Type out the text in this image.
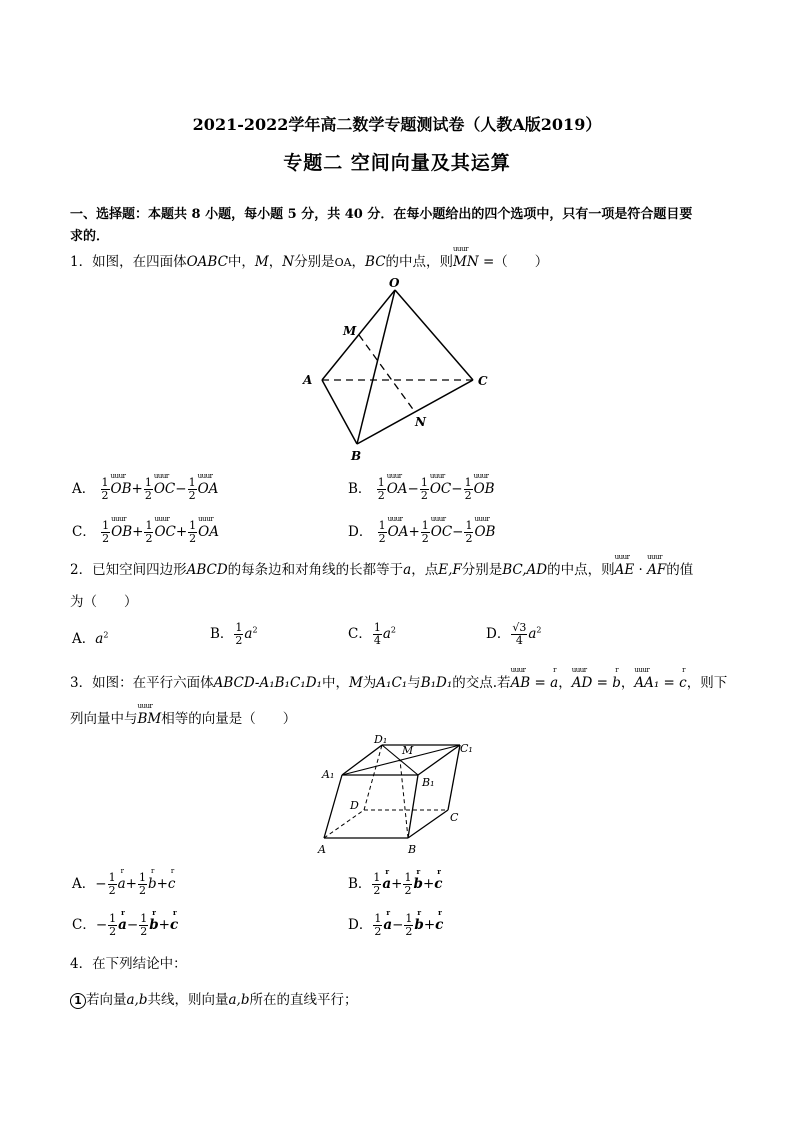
2021-2022学年高二数学专题测试卷（人教A版2019）
专题二 空间向量及其运算
一、选择题：本题共 8 小题，每小题 5 分，共 40 分．在每小题给出的四个选项中，只有一项是符合题目要
求的．
1．如图，在四面体OABC中，M，N分别是OA，BC的中点，则uuur MN =（　　）
O
M
A	C
N
B
A． $\frac{1}{2}$ uuur $OB+ \frac{1}{2}$ uuur $OC- \frac{1}{2}$ uuur OA	B． $\frac{1}{2}$ uuur $OA- \frac{1}{2}$ uuur $OC- \frac{1}{2}$ uuur OB
C． $\frac{1}{2}$ uuur $OB+ \frac{1}{2}$ uuur $OC+ \frac{1}{2}$ uuur OA	D． $\frac{1}{2}$ uuur $OA+ \frac{1}{2}$ uuur $OC- \frac{1}{2}$ uuur OB
2．已知空间四边形ABCD的每条边和对角线的长都等于a，点E,F分别是BC,AD的中点，则uuur AE · uuur AF的值
为（　　）
A．$a^2$	B． $\frac{1}{2} a^2$	C． $\frac{1}{4} a^2$	D． $\frac{√3}{4} a^2$
3．如图：在平行六面体ABCD-A₁B₁C₁D₁中，M为A₁C₁与B₁D₁的交点.若uuur AB = r a，uuur AD = r b，uuur AA₁ = r c，则下
列向量中与uuur BM相等的向量是（　　）
D₁
M	C₁
A₁
B₁
D
C
A	B
A．− $\frac{1}{2}$ r $a+ \frac{1}{2}$ r b+r c	B． $\frac{1}{2}$ r $a+ \frac{1}{2}$ r b+r c
C．− $\frac{1}{2}$ r $a- \frac{1}{2}$ r b+r c	D． $\frac{1}{2}$ r $a- \frac{1}{2}$ r b+r c
4．在下列结论中：
1 若向量a,b共线，则向量a,b所在的直线平行；
